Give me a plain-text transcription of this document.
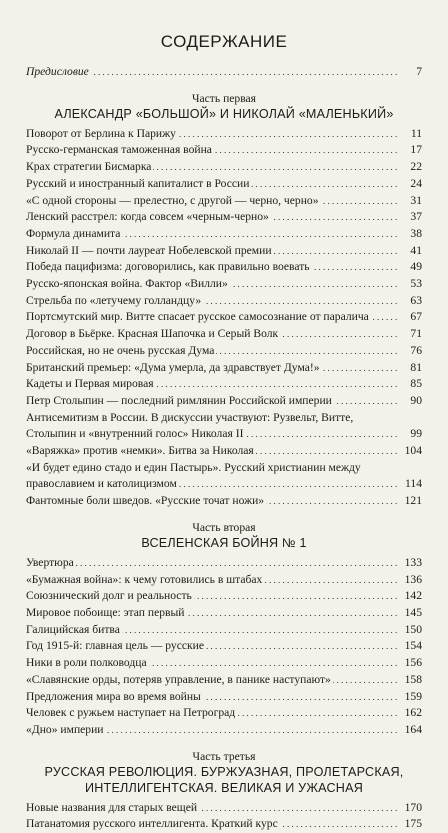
СОДЕРЖАНИЕ
Предисловие	7
. . .
Часть первая
АЛЕКСАНДР «БОЛЬШОЙ» И НИКОЛАЙ «МАЛЕНЬКИЙ»
Поворот от Берлина к Парижу	11
. . .
Русско-германская таможенная война	17
. . .
Крах стратегии Бисмарка	22
. . .
Русский и иностранный капиталист в России	24
. . .
«С одной стороны — прелестно, с другой — черно, черно»	31
. . .
Ленский расстрел: когда совсем «черным-черно»	37
. . .
Формула динамита	38
. . .
Николай II — почти лауреат Нобелевской премии	41
. . .
Победа пацифизма: договорились, как правильно воевать	49
. . .
Русско-японская война. Фактор «Вилли»	53
. . .
Стрельба по «летучему голландцу»	63
. . .
Портсмутский мир. Витте спасает русское самосознание от паралича	67
. . .
Договор в Бьёрке. Красная Шапочка и Серый Волк	71
. . .
Российская, но не очень русская Дума	76
. . .
Британский премьер: «Дума умерла, да здравствует Дума!»	81
. . .
Кадеты и Первая мировая	85
. . .
Петр Столыпин — последний римлянин Российской империи	90
. . .
Антисемитизм в России. В дискуссии участвуют: Рузвельт, Витте, Столыпин и «внутренний голос» Николая II	99
. . .
«Варяжка» против «немки». Битва за Николая	104
. . .
«И будет едино стадо и един Пастырь». Русский христианин между православием и католицизмом	114
. . .
Фантомные боли шведов. «Русские точат ножи»	121
. . .
Часть вторая
ВСЕЛЕНСКАЯ БОЙНЯ № 1
Увертюра	133
. . .
«Бумажная война»: к чему готовились в штабах	136
. . .
Союзнический долг и реальность	142
. . .
Мировое побоище: этап первый	145
. . .
Галицийская битва	150
. . .
Год 1915-й: главная цель — русские	154
. . .
Ники в роли полководца	156
. . .
«Славянские орды, потеряв управление, в панике наступают»	158
. . .
Предложения мира во время войны	159
. . .
Человек с ружьем наступает на Петроград	162
. . .
«Дно» империи	164
. . .
Часть третья
РУССКАЯ РЕВОЛЮЦИЯ. БУРЖУАЗНАЯ, ПРОЛЕТАРСКАЯ, ИНТЕЛЛИГЕНТСКАЯ. ВЕЛИКАЯ И УЖАСНАЯ
Новые названия для старых вещей	170
. . .
Патанатомия русского интеллигента. Краткий курс	175
. . .
